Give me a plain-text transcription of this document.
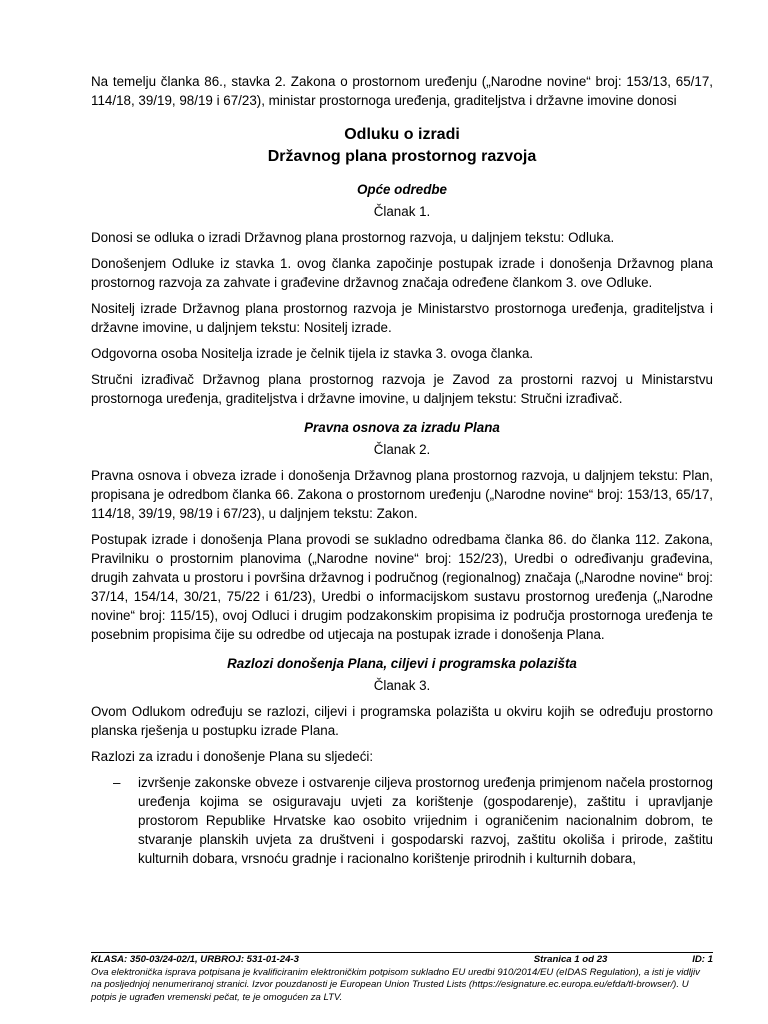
Na temelju članka 86., stavka 2. Zakona o prostornom uređenju („Narodne novine“ broj: 153/13, 65/17, 114/18, 39/19, 98/19 i 67/23), ministar prostornoga uređenja, graditeljstva i državne imovine donosi

Odluku o izradi

Državnog plana prostornog razvoja

Opće odredbe

Članak 1.

Donosi se odluka o izradi Državnog plana prostornog razvoja, u daljnjem tekstu: Odluka.

Donošenjem Odluke iz stavka 1. ovog članka započinje postupak izrade i donošenja Državnog plana prostornog razvoja za zahvate i građevine državnog značaja određene člankom 3. ove Odluke.

Nositelj izrade Državnog plana prostornog razvoja je Ministarstvo prostornoga uređenja, graditeljstva i državne imovine, u daljnjem tekstu: Nositelj izrade.

Odgovorna osoba Nositelja izrade je čelnik tijela iz stavka 3. ovoga članka.

Stručni izrađivač Državnog plana prostornog razvoja je Zavod za prostorni razvoj u Ministarstvu prostornoga uređenja, graditeljstva i državne imovine, u daljnjem tekstu: Stručni izrađivač.

Pravna osnova za izradu Plana

Članak 2.

Pravna osnova i obveza izrade i donošenja Državnog plana prostornog razvoja, u daljnjem tekstu: Plan, propisana je odredbom članka 66. Zakona o prostornom uređenju („Narodne novine“ broj: 153/13, 65/17, 114/18, 39/19, 98/19 i 67/23), u daljnjem tekstu: Zakon.

Postupak izrade i donošenja Plana provodi se sukladno odredbama članka 86. do članka 112. Zakona, Pravilniku o prostornim planovima („Narodne novine“ broj: 152/23), Uredbi o određivanju građevina, drugih zahvata u prostoru i površina državnog i područnog (regionalnog) značaja („Narodne novine“ broj: 37/14, 154/14, 30/21, 75/22 i 61/23), Uredbi o informacijskom sustavu prostornog uređenja („Narodne novine“ broj: 115/15), ovoj Odluci i drugim podzakonskim propisima iz područja prostornoga uređenja te posebnim propisima čije su odredbe od utjecaja na postupak izrade i donošenja Plana.

Razlozi donošenja Plana, ciljevi i programska polazišta

Članak 3.

Ovom Odlukom određuju se razlozi, ciljevi i programska polazišta u okviru kojih se određuju prostorno planska rješenja u postupku izrade Plana.

Razlozi za izradu i donošenje Plana su sljedeći:

–	izvršenje zakonske obveze i ostvarenje ciljeva prostornog uređenja primjenom načela prostornog uređenja kojima se osiguravaju uvjeti za korištenje (gospodarenje), zaštitu i upravljanje prostorom Republike Hrvatske kao osobito vrijednim i ograničenim nacionalnim dobrom, te stvaranje planskih uvjeta za društveni i gospodarski razvoj, zaštitu okoliša i prirode, zaštitu kulturnih dobara, vrsnoću gradnje i racionalno korištenje prirodnih i kulturnih dobara,
KLASA: 350-03/24-02/1, URBROJ: 531-01-24-3	Stranica 1 od 23	ID: 1
Ova elektronička isprava potpisana je kvalificiranim elektroničkim potpisom sukladno EU uredbi 910/2014/EU (eIDAS Regulation), a isti je vidljiv na posljednjoj nenumeriranoj stranici. Izvor pouzdanosti je European Union Trusted Lists (https://esignature.ec.europa.eu/efda/tl-browser/). U potpis je ugrađen vremenski pečat, te je omogućen za LTV.
